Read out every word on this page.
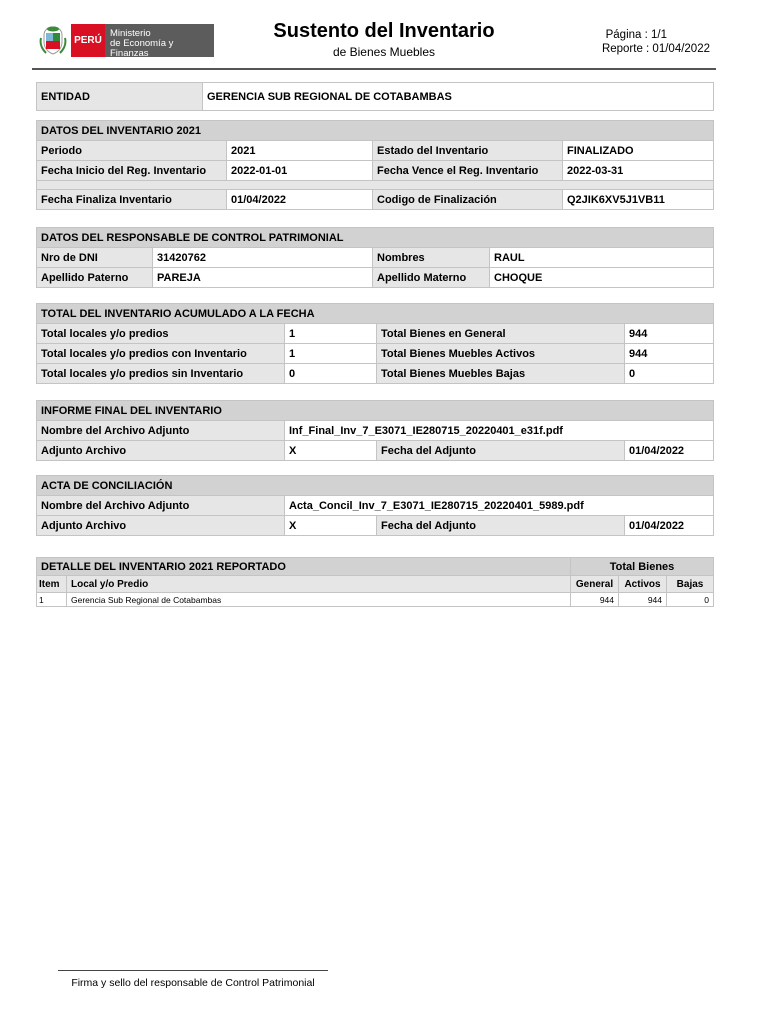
PERÚ
Ministerio
de Economía y Finanzas
Sustento del Inventario
de Bienes Muebles
Página : 1/1
Reporte : 01/04/2022
ENTIDAD	GERENCIA SUB REGIONAL DE COTABAMBAS
DATOS DEL INVENTARIO 2021			
Periodo	2021	Estado del Inventario	FINALIZADO
Fecha Inicio del Reg. Inventario	2022-01-01	Fecha Vence el Reg. Inventario	2022-03-31

Fecha Finaliza Inventario	01/04/2022	Codigo de Finalización	Q2JIK6XV5J1VB11
DATOS DEL RESPONSABLE DE CONTROL PATRIMONIAL			
Nro de DNI	31420762	Nombres	RAUL
Apellido Paterno	PAREJA	Apellido Materno	CHOQUE
TOTAL DEL INVENTARIO ACUMULADO A LA FECHA			
Total locales y/o predios	1	Total Bienes en General	944
Total locales y/o predios con Inventario	1	Total Bienes Muebles Activos	944
Total locales y/o predios sin Inventario	0	Total Bienes Muebles Bajas	0
INFORME FINAL DEL INVENTARIO			
Nombre del Archivo Adjunto	Inf_Final_Inv_7_E3071_IE280715_20220401_e31f.pdf		
Adjunto Archivo	X	Fecha del Adjunto	01/04/2022
ACTA DE CONCILIACIÓN			
Nombre del Archivo Adjunto	Acta_Concil_Inv_7_E3071_IE280715_20220401_5989.pdf		
Adjunto Archivo	X	Fecha del Adjunto	01/04/2022
DETALLE DEL INVENTARIO 2021 REPORTADO		Total Bienes		
Item	Local y/o Predio	General	Activos	Bajas
1	Gerencia Sub Regional de Cotabambas	944	944	0
Firma y sello del responsable de Control Patrimonial
